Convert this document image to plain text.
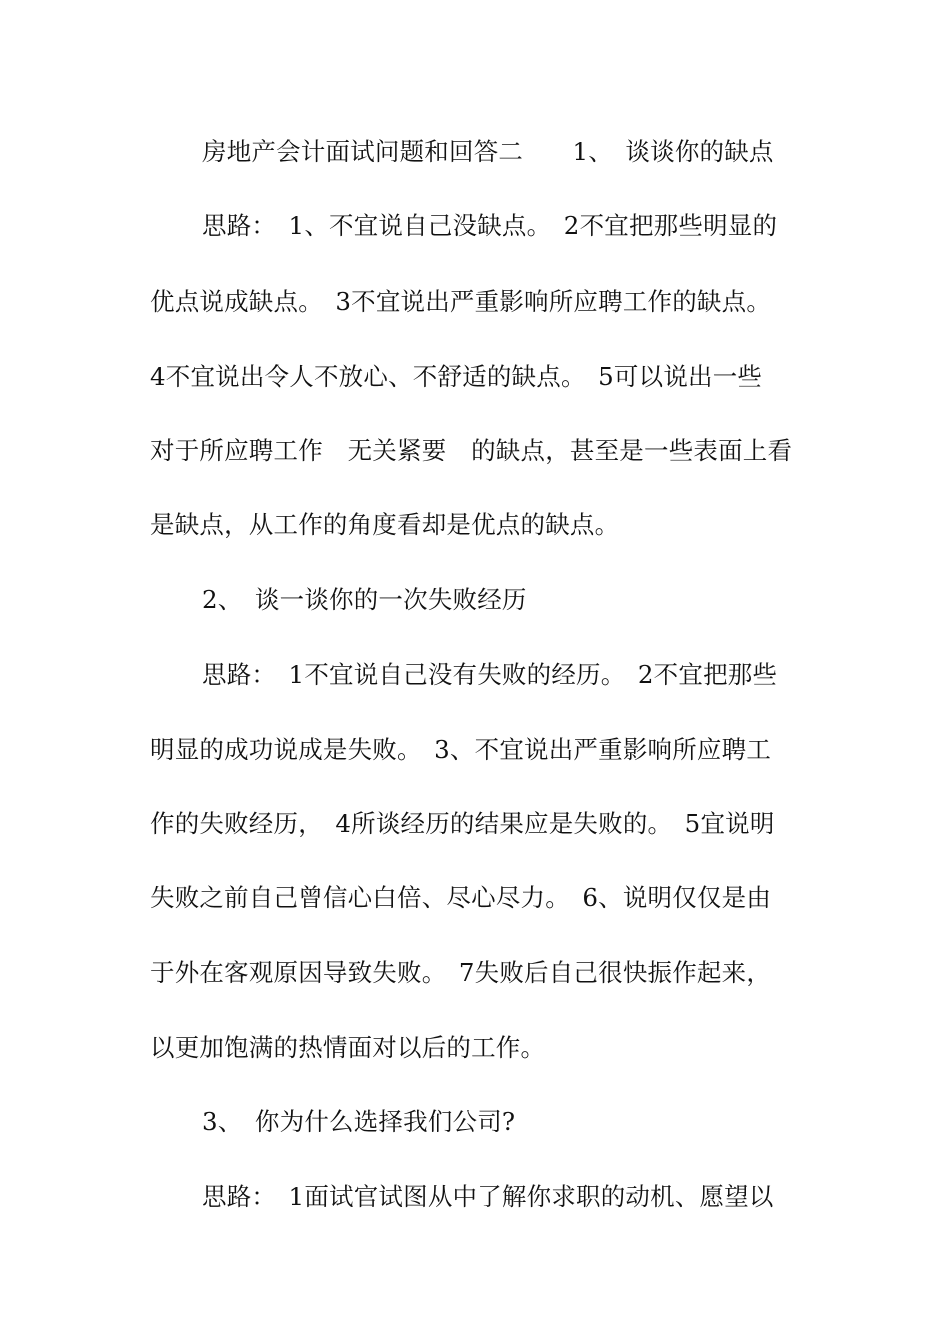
房地产会计面试问题和回答二　　1、　谈谈你的缺点
思路：　1、不宜说自己没缺点。　2不宜把那些明显的
优点说成缺点。　3不宜说出严重影响所应聘工作的缺点。
4不宜说出令人不放心、不舒适的缺点。　5可以说出一些
对于所应聘工作　无关紧要　的缺点，甚至是一些表面上看
是缺点，从工作的角度看却是优点的缺点。
2、　谈一谈你的一次失败经历
思路：　1不宜说自己没有失败的经历。　2不宜把那些
明显的成功说成是失败。　3、不宜说出严重影响所应聘工
作的失败经历，　4所谈经历的结果应是失败的。　5宜说明
失败之前自己曾信心白倍、尽心尽力。　6、说明仅仅是由
于外在客观原因导致失败。　7失败后自己很快振作起来，
以更加饱满的热情面对以后的工作。
3、　你为什么选择我们公司?
思路：　1面试官试图从中了解你求职的动机、愿望以
